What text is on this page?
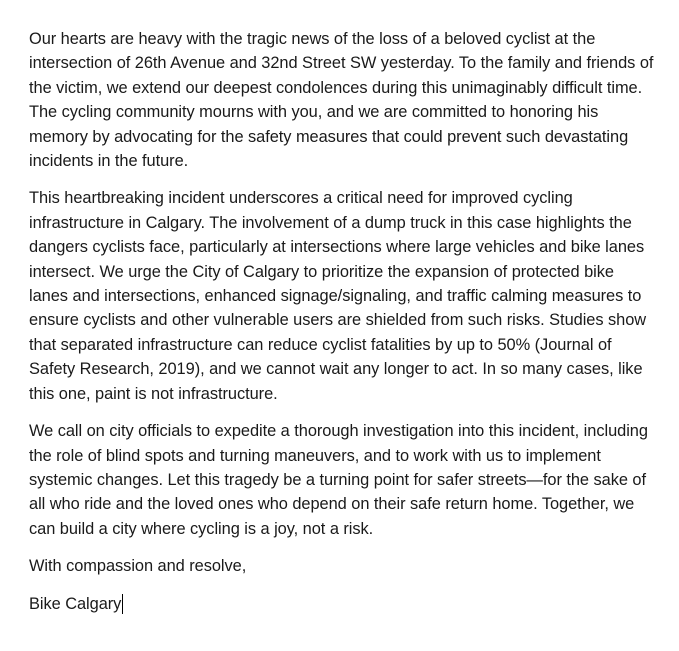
Our hearts are heavy with the tragic news of the loss of a beloved cyclist at the intersection of 26th Avenue and 32nd Street SW yesterday. To the family and friends of the victim, we extend our deepest condolences during this unimaginably difficult time. The cycling community mourns with you, and we are committed to honoring his memory by advocating for the safety measures that could prevent such devastating incidents in the future.

This heartbreaking incident underscores a critical need for improved cycling infrastructure in Calgary. The involvement of a dump truck in this case highlights the dangers cyclists face, particularly at intersections where large vehicles and bike lanes intersect. We urge the City of Calgary to prioritize the expansion of protected bike lanes and intersections, enhanced signage/signaling, and traffic calming measures to ensure cyclists and other vulnerable users are shielded from such risks. Studies show that separated infrastructure can reduce cyclist fatalities by up to 50% (Journal of Safety Research, 2019), and we cannot wait any longer to act. In so many cases, like this one, paint is not infrastructure.

We call on city officials to expedite a thorough investigation into this incident, including the role of blind spots and turning maneuvers, and to work with us to implement systemic changes. Let this tragedy be a turning point for safer streets—for the sake of all who ride and the loved ones who depend on their safe return home. Together, we can build a city where cycling is a joy, not a risk.

With compassion and resolve,

Bike Calgary
